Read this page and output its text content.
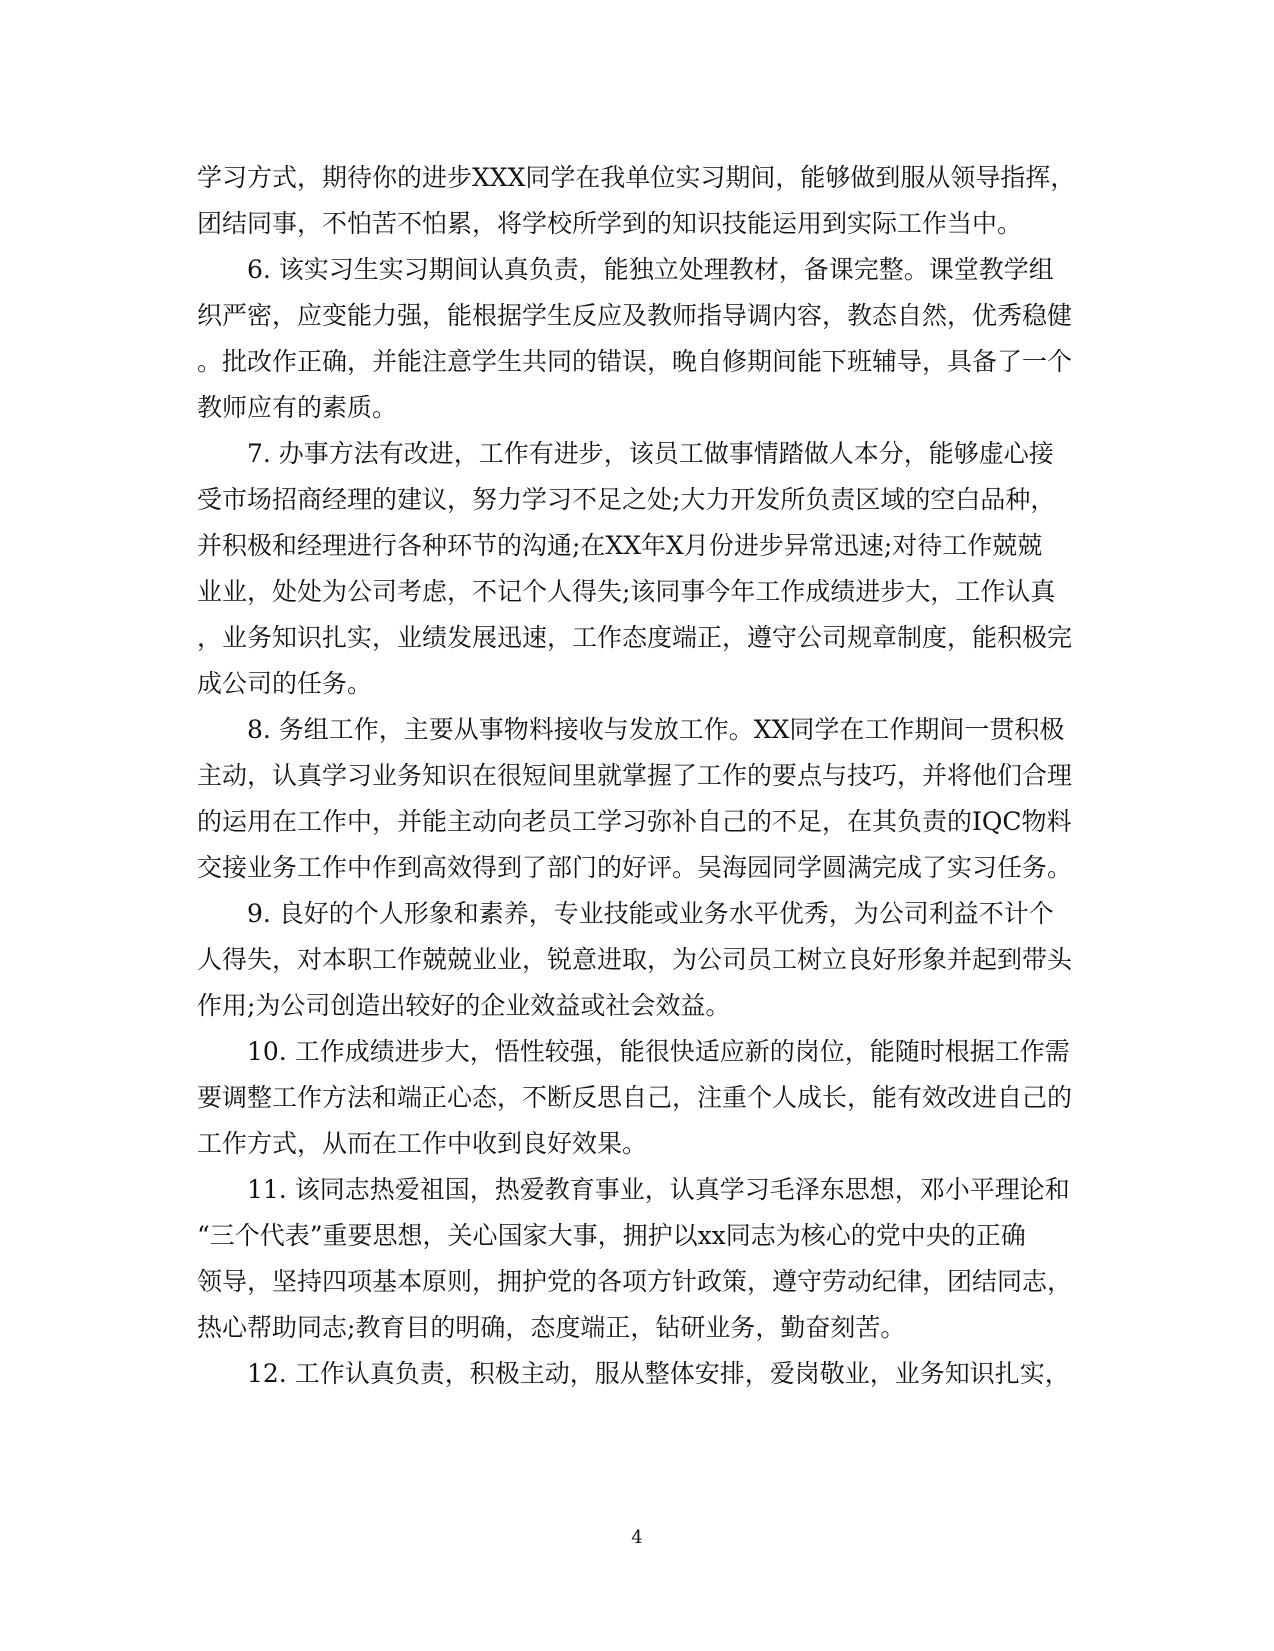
学习方式，期待你的进步XXX同学在我单位实习期间，能够做到服从领导指挥，
团结同事，不怕苦不怕累，将学校所学到的知识技能运用到实际工作当中。
6. 该实习生实习期间认真负责，能独立处理教材，备课完整。课堂教学组
织严密，应变能力强，能根据学生反应及教师指导调内容，教态自然，优秀稳健
。批改作正确，并能注意学生共同的错误，晚自修期间能下班辅导，具备了一个
教师应有的素质。
7. 办事方法有改进，工作有进步，该员工做事情踏做人本分，能够虚心接
受市场招商经理的建议，努力学习不足之处;大力开发所负责区域的空白品种，
并积极和经理进行各种环节的沟通;在XX年X月份进步异常迅速;对待工作兢兢
业业，处处为公司考虑，不记个人得失;该同事今年工作成绩进步大，工作认真
，业务知识扎实，业绩发展迅速，工作态度端正，遵守公司规章制度，能积极完
成公司的任务。
8. 务组工作，主要从事物料接收与发放工作。XX同学在工作期间一贯积极
主动，认真学习业务知识在很短间里就掌握了工作的要点与技巧，并将他们合理
的运用在工作中，并能主动向老员工学习弥补自己的不足，在其负责的IQC物料
交接业务工作中作到高效得到了部门的好评。吴海园同学圆满完成了实习任务。
9. 良好的个人形象和素养，专业技能或业务水平优秀，为公司利益不计个
人得失，对本职工作兢兢业业，锐意进取，为公司员工树立良好形象并起到带头
作用;为公司创造出较好的企业效益或社会效益。
10. 工作成绩进步大，悟性较强，能很快适应新的岗位，能随时根据工作需
要调整工作方法和端正心态，不断反思自己，注重个人成长，能有效改进自己的
工作方式，从而在工作中收到良好效果。
11. 该同志热爱祖国，热爱教育事业，认真学习毛泽东思想，邓小平理论和
“三个代表”重要思想，关心国家大事，拥护以xx同志为核心的党中央的正确
领导，坚持四项基本原则，拥护党的各项方针政策，遵守劳动纪律，团结同志，
热心帮助同志;教育目的明确，态度端正，钻研业务，勤奋刻苦。
12. 工作认真负责，积极主动，服从整体安排，爱岗敬业，业务知识扎实，
4
